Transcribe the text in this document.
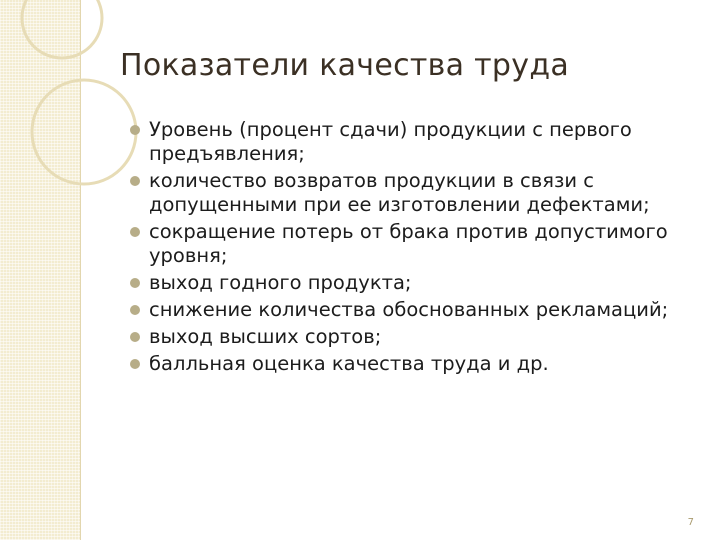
Показатели качества труда
Уровень (процент сдачи) продукции с первого предъявления;
количество возвратов продукции в связи с допущенными при ее изготовлении дефектами;
сокращение потерь от брака против допустимого уровня;
выход годного продукта;
снижение количества обоснованных рекламаций;
выход высших сортов;
балльная оценка качества труда и др.
7
